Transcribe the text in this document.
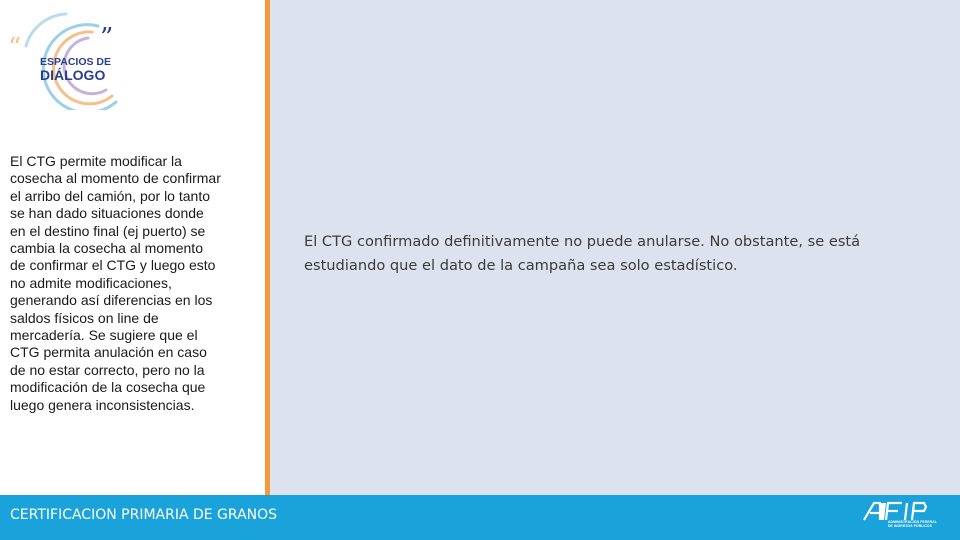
“	”
ESPACIOS DE
DIÁLOGO
El CTG permite modificar la
cosecha al momento de confirmar
el arribo del camión, por lo tanto
se han dado situaciones donde
en el destino final (ej puerto) se
cambia la cosecha al momento
de confirmar el CTG y luego esto
no admite modificaciones,
generando así diferencias en los
saldos físicos on line de
mercadería. Se sugiere que el
CTG permita anulación en caso
de no estar correcto, pero no la
modificación de la cosecha que
luego genera inconsistencias.
El CTG confirmado definitivamente no puede anularse. No obstante, se está estudiando que el dato de la campaña sea solo estadístico.
CERTIFICACION PRIMARIA DE GRANOS	ADMINISTRACIÓN FEDERAL
DE INGRESOS PÚBLICOS
